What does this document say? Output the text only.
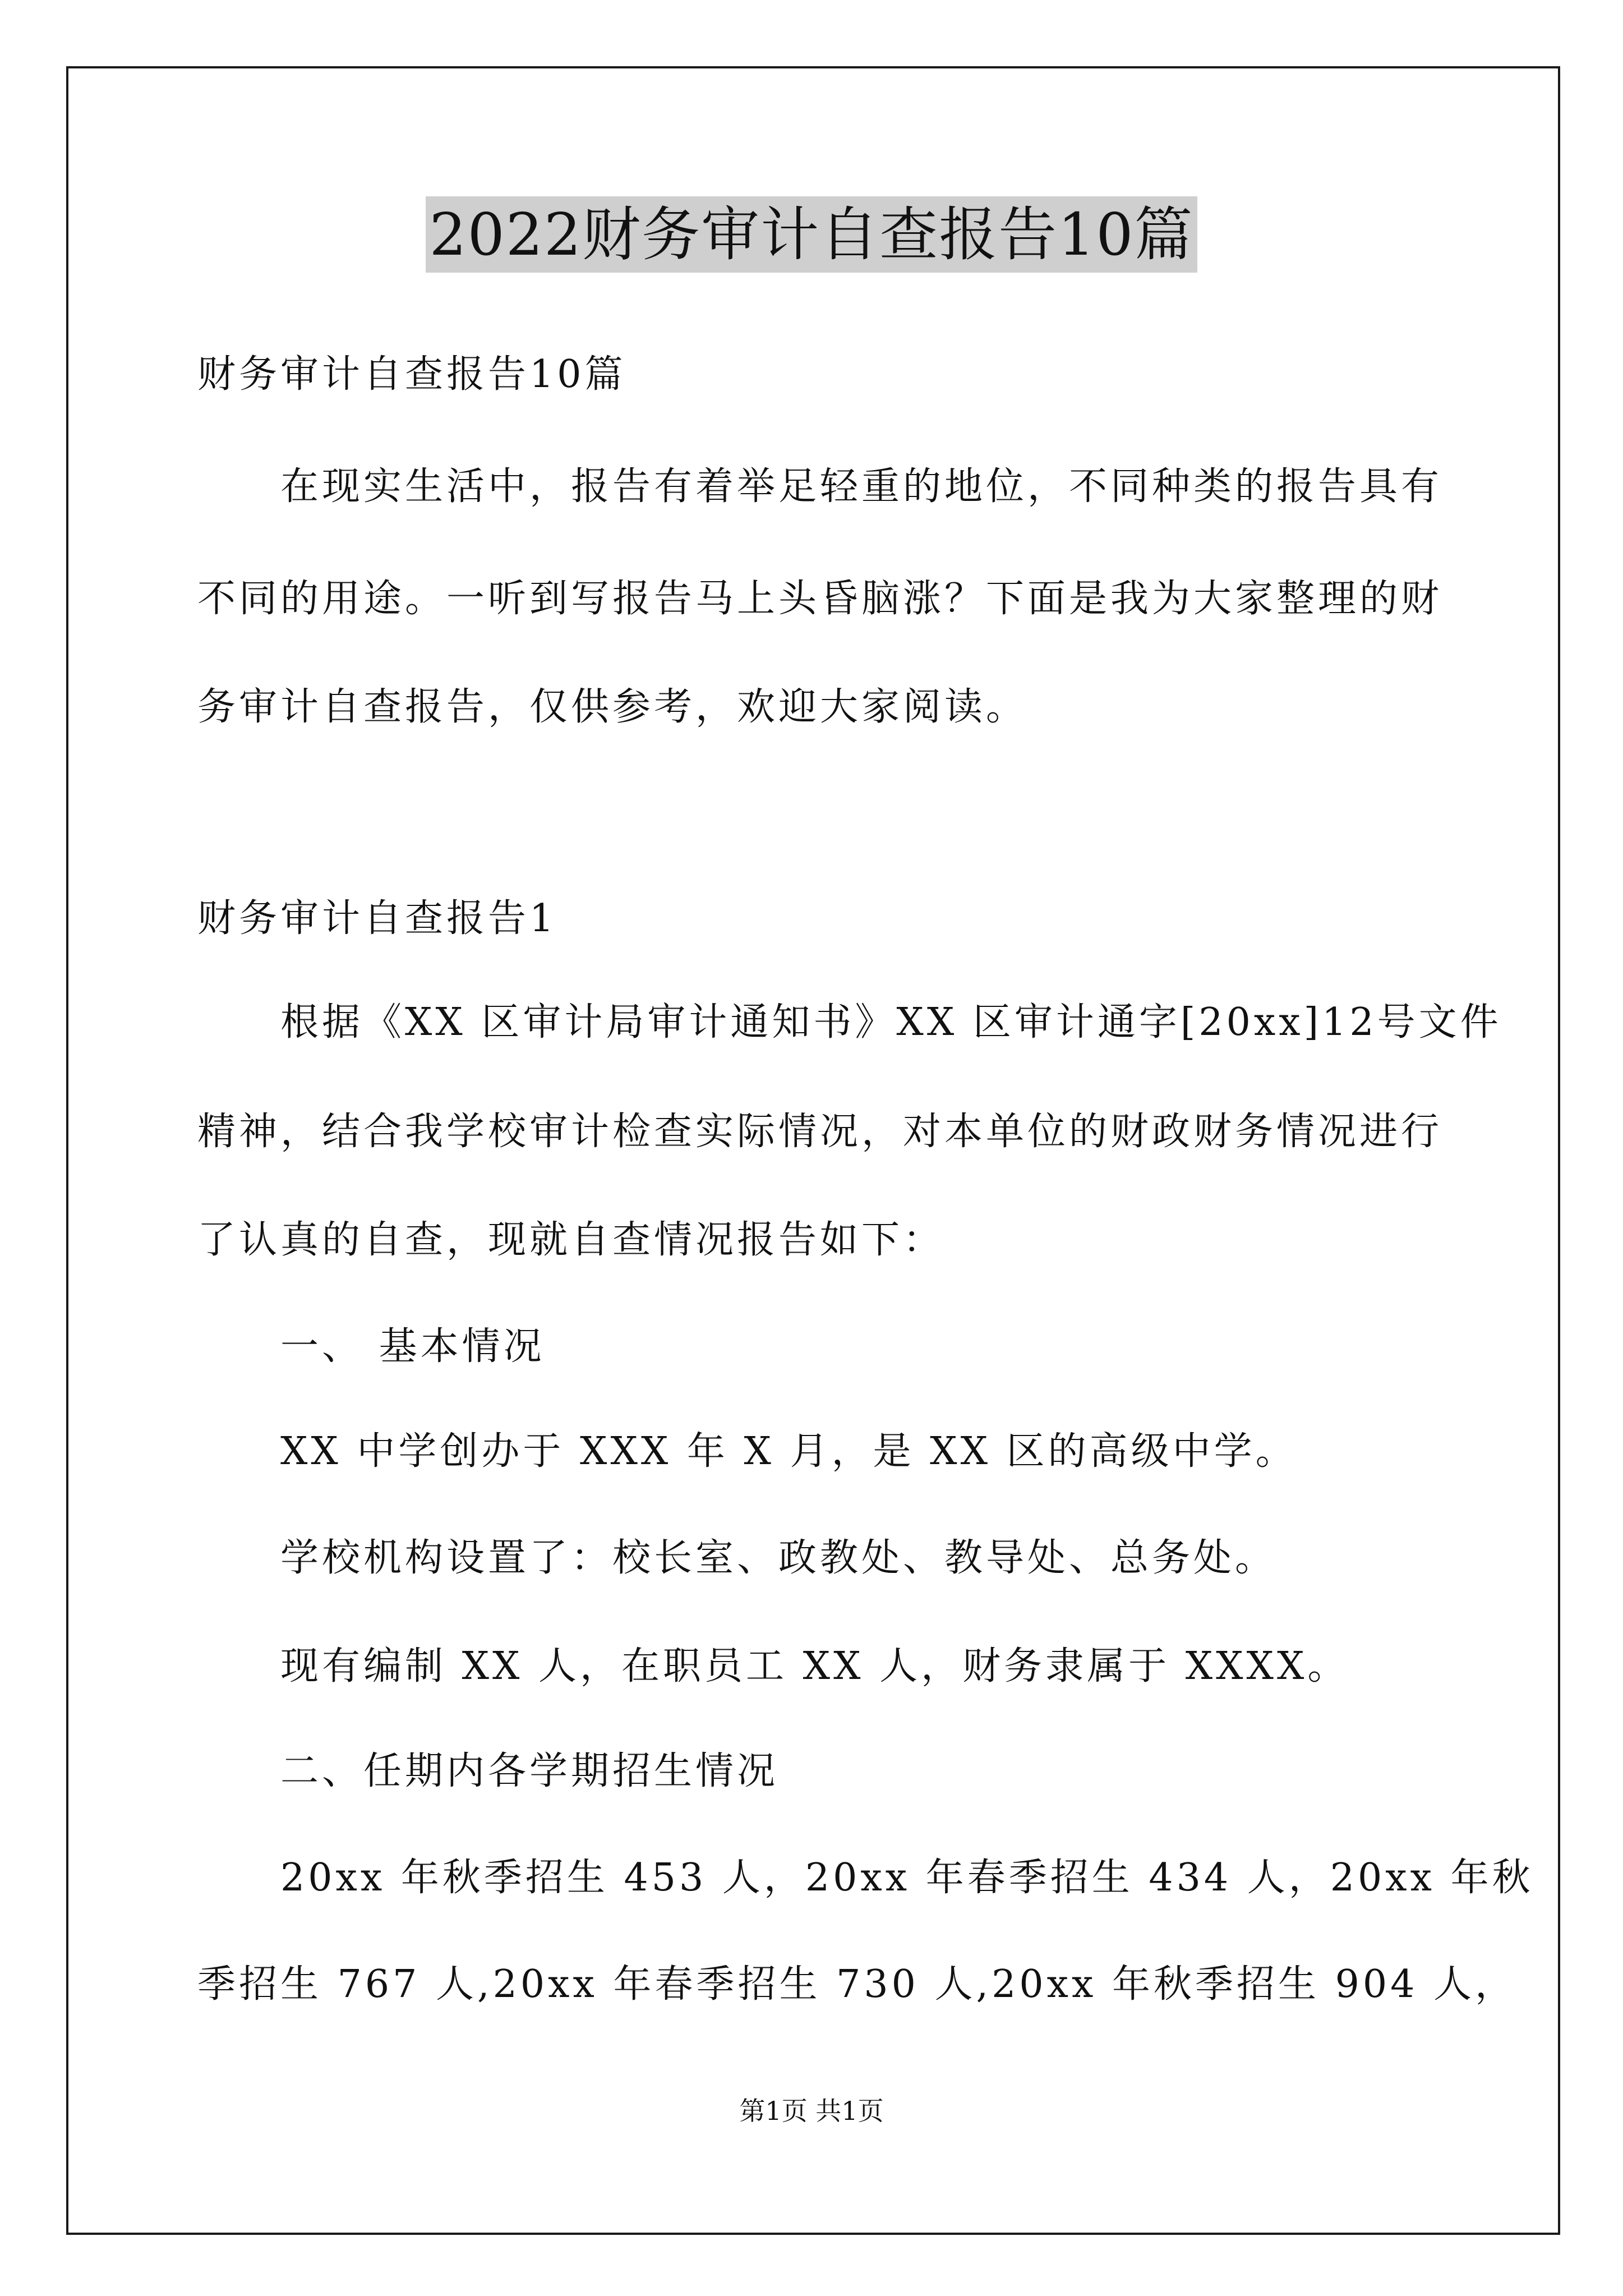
2022财务审计自查报告10篇
财务审计自查报告10篇
在现实生活中，报告有着举足轻重的地位，不同种类的报告具有
不同的用途。一听到写报告马上头昏脑涨？下面是我为大家整理的财
务审计自查报告，仅供参考，欢迎大家阅读。
财务审计自查报告1
根据《XX 区审计局审计通知书》XX 区审计通字[20xx]12号文件
精神，结合我学校审计检查实际情况，对本单位的财政财务情况进行
了认真的自查，现就自查情况报告如下：
一、 基本情况
XX 中学创办于 XXX 年 X 月，是 XX 区的高级中学。
学校机构设置了：校长室、政教处、教导处、总务处。
现有编制 XX 人，在职员工 XX 人，财务隶属于 XXXX。
二、任期内各学期招生情况
20xx 年秋季招生 453 人，20xx 年春季招生 434 人，20xx 年秋
季招生 767 人,20xx 年春季招生 730 人,20xx 年秋季招生 904 人，
第1页 共1页
